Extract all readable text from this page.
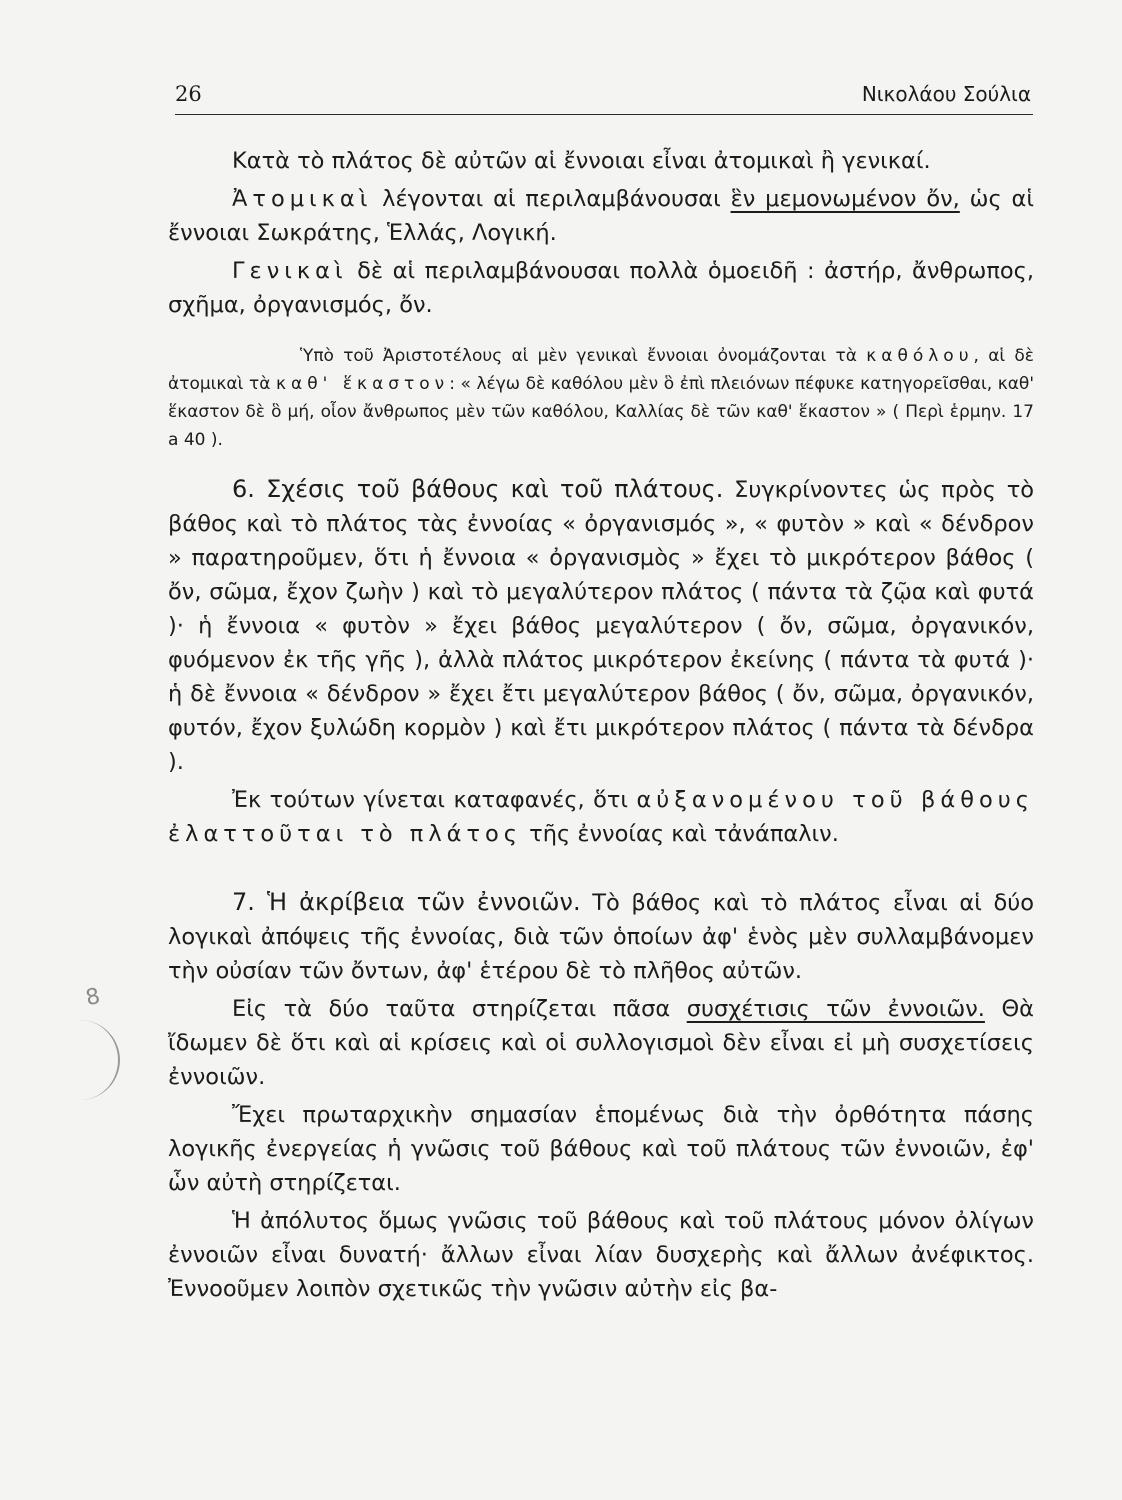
26	Νικολάου Σούλια
8

Κατὰ τὸ πλάτος δὲ αὐτῶν αἱ ἔννοιαι εἶναι ἀτομικαὶ ἢ γενικαί.

Ἀτομικαὶ λέγονται αἱ περιλαμβάνουσαι ἓν μεμονωμένον ὄν, ὡς αἱ ἔννοιαι Σωκράτης, Ἑλλάς, Λογική.

Γενικαὶ δὲ αἱ περιλαμβάνουσαι πολλὰ ὁμοειδῆ : ἀστήρ, ἄνθρωπος, σχῆμα, ὀργανισμός, ὄν.

Ὑπὸ τοῦ Ἀριστοτέλους αἱ μὲν γενικαὶ ἔννοιαι ὀνομάζονται τὰ καθόλου, αἱ δὲ ἀτομικαὶ τὰ καθ' ἕκαστον: « λέγω δὲ καθόλου μὲν ὃ ἐπὶ πλειόνων πέφυκε κατηγορεῖσθαι, καθ' ἕκαστον δὲ ὃ μή, οἷον ἄνθρωπος μὲν τῶν καθόλου, Καλλίας δὲ τῶν καθ' ἕκαστον » ( Περὶ ἑρμην. 17 a 40 ).

6. Σχέσις τοῦ βάθους καὶ τοῦ πλάτους. Συγκρίνοντες ὡς πρὸς τὸ βάθος καὶ τὸ πλάτος τὰς ἐννοίας « ὀργανισμός », « φυτὸν » καὶ « δένδρον » παρατηροῦμεν, ὅτι ἡ ἔννοια « ὀργανισμὸς » ἔχει τὸ μικρότερον βάθος ( ὄν, σῶμα, ἔχον ζωὴν ) καὶ τὸ μεγαλύτερον πλάτος ( πάντα τὰ ζῷα καὶ φυτά )· ἡ ἔννοια « φυτὸν » ἔχει βάθος μεγαλύτερον ( ὄν, σῶμα, ὀργανικόν, φυόμενον ἐκ τῆς γῆς ), ἀλλὰ πλάτος μικρότερον ἐκείνης ( πάντα τὰ φυτά )· ἡ δὲ ἔννοια « δένδρον » ἔχει ἔτι μεγαλύτερον βάθος ( ὄν, σῶμα, ὀργανικόν, φυτόν, ἔχον ξυλώδη κορμὸν ) καὶ ἔτι μικρότερον πλάτος ( πάντα τὰ δένδρα ).

Ἐκ τούτων γίνεται καταφανές, ὅτι αὐξανομένου τοῦ βάθους ἐλαττοῦται τὸ πλάτος τῆς ἐννοίας καὶ τἀνάπαλιν.

7. Ἡ ἀκρίβεια τῶν ἐννοιῶν. Τὸ βάθος καὶ τὸ πλάτος εἶναι αἱ δύο λογικαὶ ἀπόψεις τῆς ἐννοίας, διὰ τῶν ὁποίων ἀφ' ἑνὸς μὲν συλλαμβάνομεν τὴν οὐσίαν τῶν ὄντων, ἀφ' ἑτέρου δὲ τὸ πλῆθος αὐτῶν.

Εἰς τὰ δύο ταῦτα στηρίζεται πᾶσα συσχέτισις τῶν ἐννοιῶν. Θὰ ἴδωμεν δὲ ὅτι καὶ αἱ κρίσεις καὶ οἱ συλλογισμοὶ δὲν εἶναι εἰ μὴ συσχετίσεις ἐννοιῶν.

Ἔχει πρωταρχικὴν σημασίαν ἑπομένως διὰ τὴν ὀρθότητα πάσης λογικῆς ἐνεργείας ἡ γνῶσις τοῦ βάθους καὶ τοῦ πλάτους τῶν ἐννοιῶν, ἐφ' ὧν αὐτὴ στηρίζεται.

Ἡ ἀπόλυτος ὅμως γνῶσις τοῦ βάθους καὶ τοῦ πλάτους μόνον ὀλίγων ἐννοιῶν εἶναι δυνατή· ἄλλων εἶναι λίαν δυσχερὴς καὶ ἄλλων ἀνέφικτος. Ἐννοοῦμεν λοιπὸν σχετικῶς τὴν γνῶσιν αὐτὴν εἰς βα-
